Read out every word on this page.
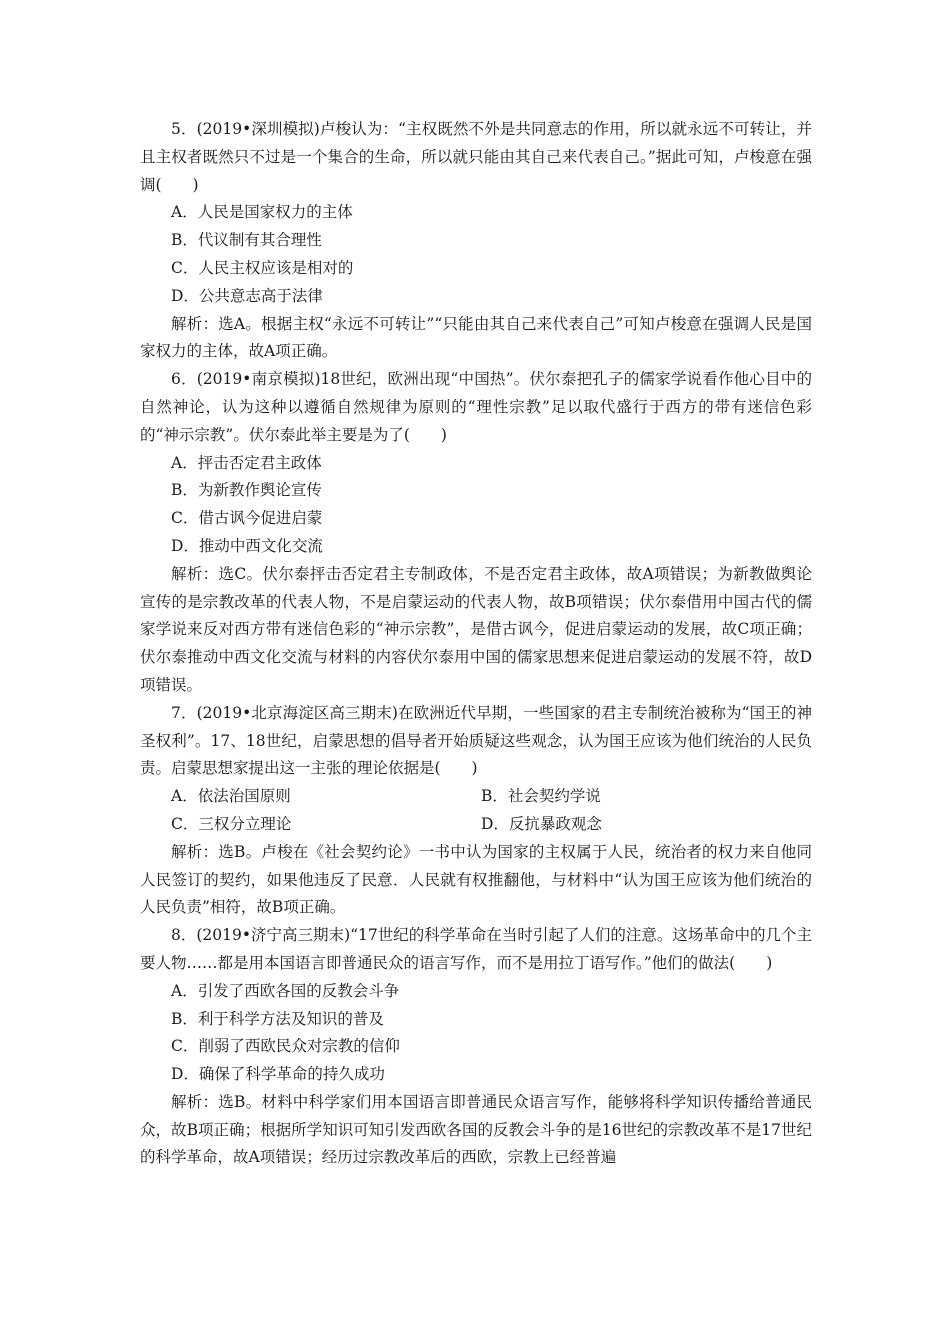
5．(2019•深圳模拟)卢梭认为：“主权既然不外是共同意志的作用，所以就永远不可转让，并且主权者既然只不过是一个集合的生命，所以就只能由其自己来代表自己。”据此可知，卢梭意在强调(　　)

A．人民是国家权力的主体

B．代议制有其合理性

C．人民主权应该是相对的

D．公共意志高于法律

解析：选A。根据主权“永远不可转让”“只能由其自己来代表自己”可知卢梭意在强调人民是国家权力的主体，故A项正确。

6．(2019•南京模拟)18世纪，欧洲出现“中国热”。伏尔泰把孔子的儒家学说看作他心目中的自然神论，认为这种以遵循自然规律为原则的“理性宗教”足以取代盛行于西方的带有迷信色彩的“神示宗教”。伏尔泰此举主要是为了(　　)

A．抨击否定君主政体

B．为新教作舆论宣传

C．借古讽今促进启蒙

D．推动中西文化交流

解析：选C。伏尔泰抨击否定君主专制政体，不是否定君主政体，故A项错误；为新教做舆论宣传的是宗教改革的代表人物，不是启蒙运动的代表人物，故B项错误；伏尔泰借用中国古代的儒家学说来反对西方带有迷信色彩的“神示宗教”，是借古讽今，促进启蒙运动的发展，故C项正确；伏尔泰推动中西文化交流与材料的内容伏尔泰用中国的儒家思想来促进启蒙运动的发展不符，故D项错误。

7．(2019•北京海淀区高三期末)在欧洲近代早期，一些国家的君主专制统治被称为“国王的神圣权利”。17、18世纪，启蒙思想的倡导者开始质疑这些观念，认为国王应该为他们统治的人民负责。启蒙思想家提出这一主张的理论依据是(　　)

A．依法治国原则	B．社会契约学说

C．三权分立理论	D．反抗暴政观念

解析：选B。卢梭在《社会契约论》一书中认为国家的主权属于人民，统治者的权力来自他同人民签订的契约，如果他违反了民意．人民就有权推翻他，与材料中“认为国王应该为他们统治的人民负责”相符，故B项正确。

8．(2019•济宁高三期末)“17世纪的科学革命在当时引起了人们的注意。这场革命中的几个主要人物……都是用本国语言即普通民众的语言写作，而不是用拉丁语写作。”他们的做法(　　)

A．引发了西欧各国的反教会斗争

B．利于科学方法及知识的普及

C．削弱了西欧民众对宗教的信仰

D．确保了科学革命的持久成功

解析：选B。材料中科学家们用本国语言即普通民众语言写作，能够将科学知识传播给普通民众，故B项正确；根据所学知识可知引发西欧各国的反教会斗争的是16世纪的宗教改革不是17世纪的科学革命，故A项错误；经历过宗教改革后的西欧，宗教上已经普遍
